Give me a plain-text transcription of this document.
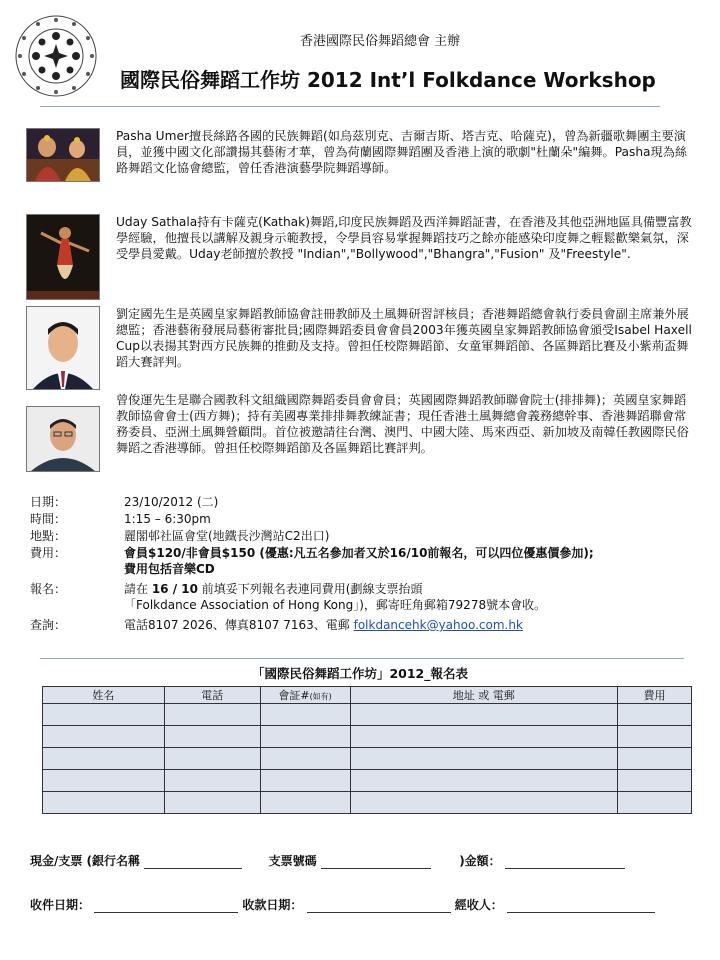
香港國際民俗舞蹈總會 主辦
國際民俗舞蹈工作坊 2012 Int’l Folkdance Workshop
Pasha Umer擅長絲路各國的民族舞蹈(如烏茲別克、吉爾吉斯、塔吉克、哈薩克)，曾為新疆歌舞團主要演員，並獲中國文化部讚揚其藝術才華，曾為荷蘭國際舞蹈團及香港上演的歌劇"杜蘭朵"編舞。Pasha現為絲路舞蹈文化協會總監，曾任香港演藝學院舞蹈導師。
Uday Sathala持有卡薩克(Kathak)舞蹈,印度民族舞蹈及西洋舞蹈証書，在香港及其他亞洲地區具備豐富教學經驗，他擅長以講解及親身示範教授，令學員容易掌握舞蹈技巧之餘亦能感染印度舞之輕鬆歡樂氣氛，深受學員愛戴。Uday老師擅於教授 "Indian","Bollywood","Bhangra","Fusion" 及"Freestyle".
劉定國先生是英國皇家舞蹈教師協會註冊教師及土風舞研習評核員；香港舞蹈總會執行委員會副主席兼外展總監；香港藝術發展局藝術審批員;國際舞蹈委員會會員2003年獲英國皇家舞蹈教師協會頒受Isabel Haxell Cup以表揚其對西方民族舞的推動及支持。曾担任校際舞蹈節、女童軍舞蹈節、各區舞蹈比賽及小紫荊盃舞蹈大賽評判。
曾俊運先生是聯合國教科文組織國際舞蹈委員會會員；英國國際舞蹈教師聯會院士(排排舞)；英國皇家舞蹈教師協會會士(西方舞)；持有美國專業排排舞教練証書；現任香港土風舞總會義務總幹事、香港舞蹈聯會常務委員、亞洲土風舞營顧問。首位被邀請往台灣、澳門、中國大陸、馬來西亞、新加坡及南韓任教國際民俗舞蹈之香港導師。曾担任校際舞蹈節及各區舞蹈比賽評判。
日期：	23/10/2012 (二)
時間：	1:15 – 6:30pm
地點：	麗閣邨社區會堂(地鐵長沙灣站C2出口)
費用：	會員$120/非會員$150 (優惠:凡五名參加者又於16/10前報名，可以四位優惠價參加);
費用包括音樂CD
報名：	請在 16 / 10 前填妥下列報名表連同費用(劃線支票抬頭
「Folkdance Association of Hong Kong」)，郵寄旺角郵箱79278號本會收。
查詢：	電話8107 2026、傳真8107 7163、電郵 folkdancehk@yahoo.com.hk
「國際民俗舞蹈工作坊」2012_報名表
姓名	電話	會証#(如有)	地址 或 電郵	費用

現金/支票 (銀行名稱	支票號碼	)金額：
收件日期：	收款日期：	經收人：
